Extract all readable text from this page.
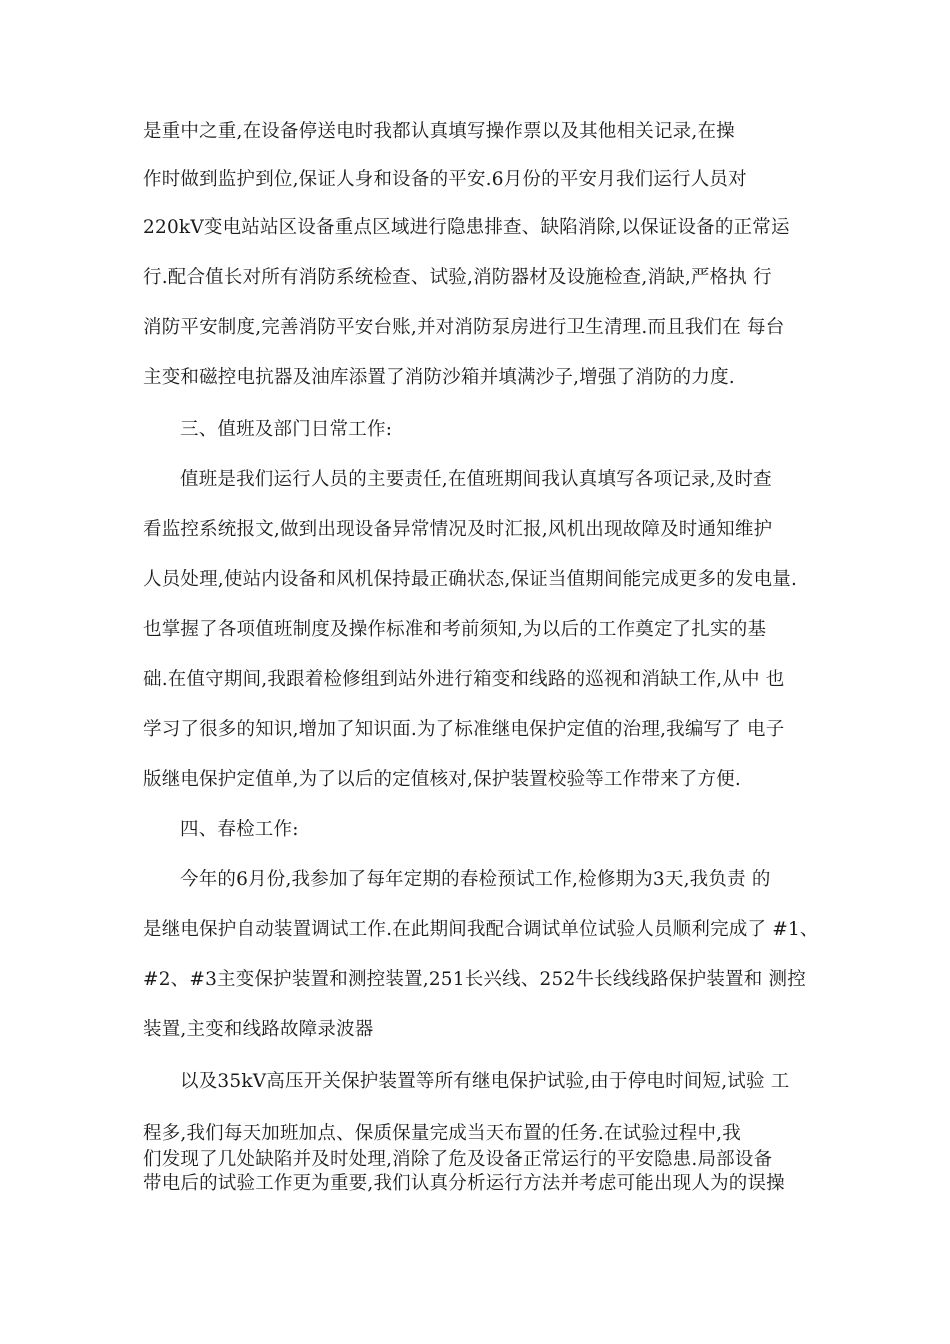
是重中之重,在设备停送电时我都认真填写操作票以及其他相关记录,在操
作时做到监护到位,保证人身和设备的平安.6月份的平安月我们运行人员对
220kV变电站站区设备重点区域进行隐患排查、缺陷消除,以保证设备的正常运
行.配合值长对所有消防系统检查、试验,消防器材及设施检查,消缺,严格执 行
消防平安制度,完善消防平安台账,并对消防泵房进行卫生清理.而且我们在 每台
主变和磁控电抗器及油库添置了消防沙箱并填满沙子,增强了消防的力度.
三、值班及部门日常工作:
值班是我们运行人员的主要责任,在值班期间我认真填写各项记录,及时查
看监控系统报文,做到出现设备异常情况及时汇报,风机出现故障及时通知维护
人员处理,使站内设备和风机保持最正确状态,保证当值期间能完成更多的发电量.
也掌握了各项值班制度及操作标准和考前须知,为以后的工作奠定了扎实的基
础.在值守期间,我跟着检修组到站外进行箱变和线路的巡视和消缺工作,从中 也
学习了很多的知识,增加了知识面.为了标准继电保护定值的治理,我编写了 电子
版继电保护定值单,为了以后的定值核对,保护装置校验等工作带来了方便.
四、春检工作:
今年的6月份,我参加了每年定期的春检预试工作,检修期为3天,我负责 的
是继电保护自动装置调试工作.在此期间我配合调试单位试验人员顺利完成了 #1、
#2、#3主变保护装置和测控装置,251长兴线、252牛长线线路保护装置和 测控
装置,主变和线路故障录波器
以及35kV高压开关保护装置等所有继电保护试验,由于停电时间短,试验 工
程多,我们每天加班加点、保质保量完成当天布置的任务.在试验过程中,我
们发现了几处缺陷并及时处理,消除了危及设备正常运行的平安隐患.局部设备
带电后的试验工作更为重要,我们认真分析运行方法并考虑可能出现人为的误操
